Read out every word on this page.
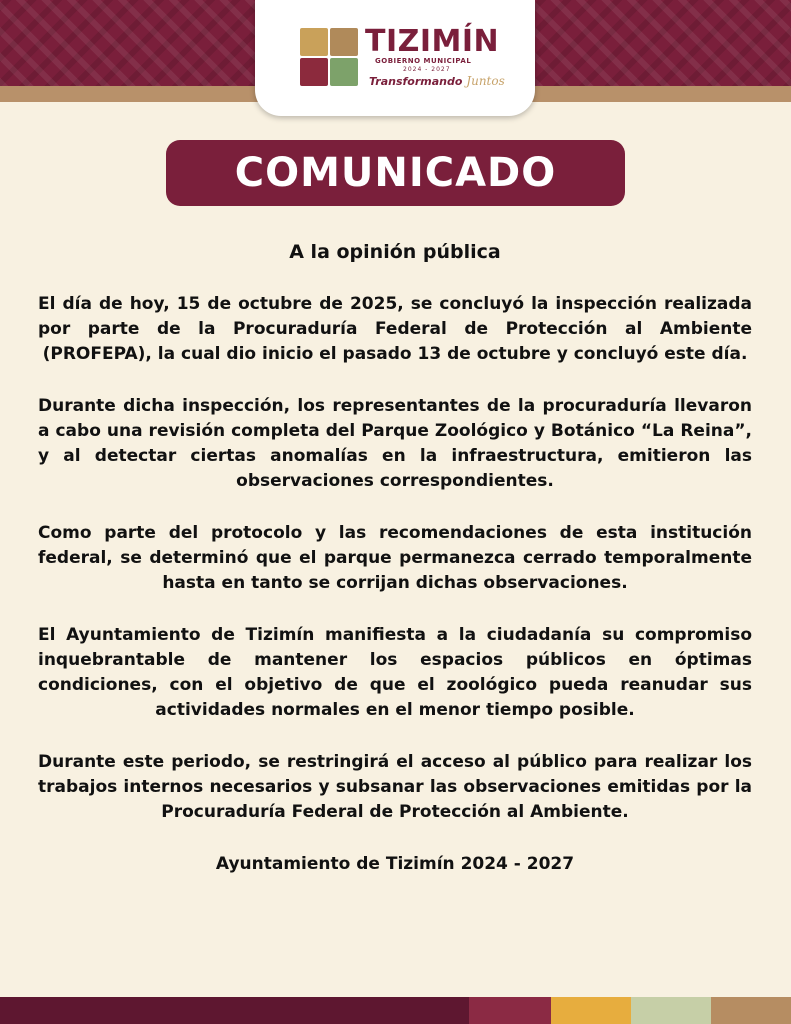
TIZIMÍN
GOBIERNO MUNICIPAL
2024 - 2027
Transformando Juntos
COMUNICADO
A la opinión pública

El día de hoy, 15 de octubre de 2025, se concluyó la inspección realizada por parte de la Procuraduría Federal de Protección al Ambiente (PROFEPA), la cual dio inicio el pasado 13 de octubre y concluyó este día.

Durante dicha inspección, los representantes de la procuraduría llevaron a cabo una revisión completa del Parque Zoológico y Botánico “La Reina”, y al detectar ciertas anomalías en la infraestructura, emitieron las observaciones correspondientes.

Como parte del protocolo y las recomendaciones de esta institución federal, se determinó que el parque permanezca cerrado temporalmente hasta en tanto se corrijan dichas observaciones.

El Ayuntamiento de Tizimín manifiesta a la ciudadanía su compromiso inquebrantable de mantener los espacios públicos en óptimas condiciones, con el objetivo de que el zoológico pueda reanudar sus actividades normales en el menor tiempo posible.

Durante este periodo, se restringirá el acceso al público para realizar los trabajos internos necesarios y subsanar las observaciones emitidas por la Procuraduría Federal de Protección al Ambiente.

Ayuntamiento de Tizimín 2024 - 2027
